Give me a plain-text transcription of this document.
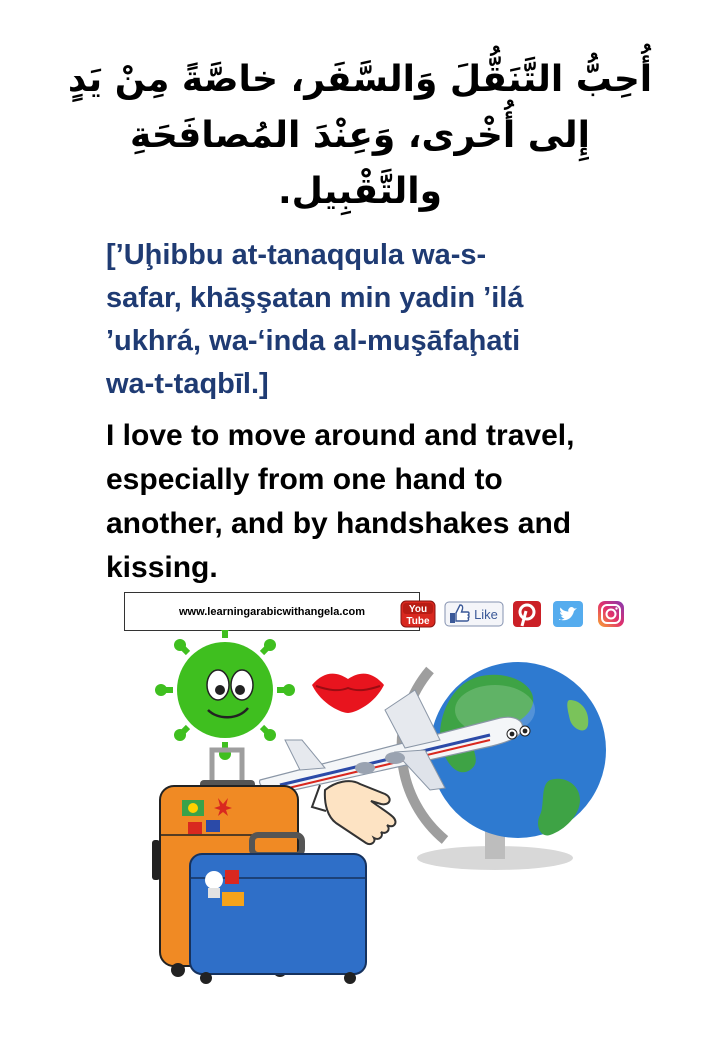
أُحِبُّ التَّنَقُّلَ وَالسَّفَر، خاصَّةً مِنْ يَدٍ
إِلى أُخْرى، وَعِنْدَ المُصافَحَةِ
والتَّقْبِيل.
[’Uḩibbu at-tanaqqula wa-s-
safar, khāşşatan min yadin ’ilá
’ukhrá, wa-‘inda al-muşāfaḩati
wa-t-taqbīl.]
I love to move around and travel,
especially from one hand to
another, and by handshakes and
kissing.
www.learningarabicwithangela.com	You
Tube	Like
